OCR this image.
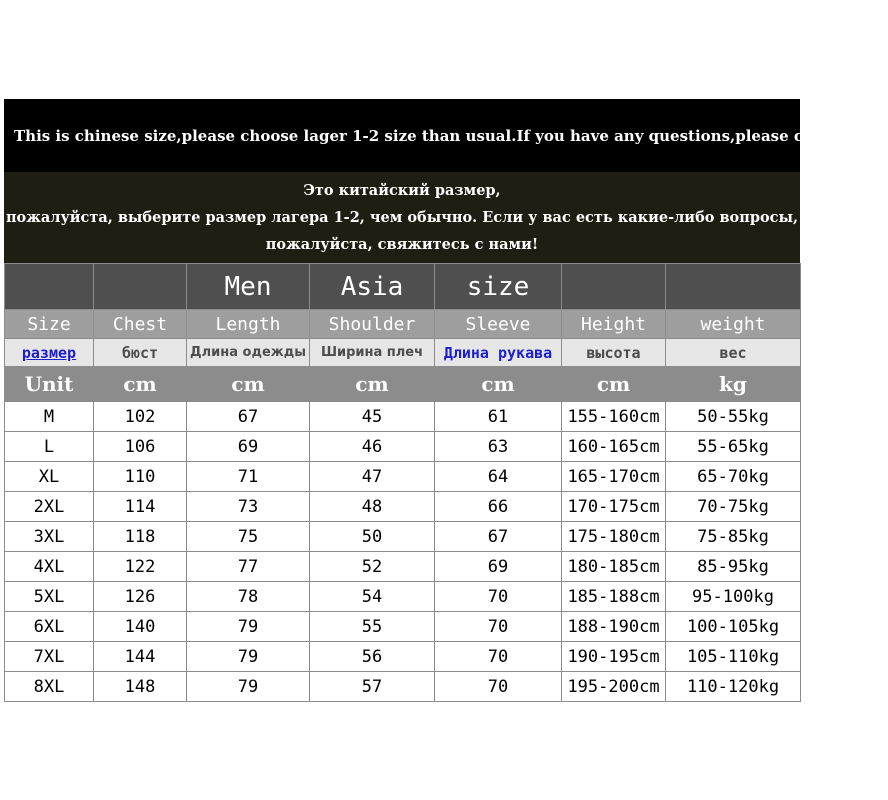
This is chinese size,please choose lager 1-2 size than usual.If you have any questions,please contact us!
Это китайский размер,
пожалуйста, выберите размер лагера 1-2, чем обычно. Если у вас есть какие-либо вопросы,
пожалуйста, свяжитесь с нами!
		Men	Asia	size		
Size	Chest	Length	Shoulder	Sleeve	Height	weight
размер	бюст	Длина одежды	Ширина плеч	Длина рукава	высота	вес
Unit	cm	cm	cm	cm	cm	kg
M	102	67	45	61	155-160cm	50-55kg
L	106	69	46	63	160-165cm	55-65kg
XL	110	71	47	64	165-170cm	65-70kg
2XL	114	73	48	66	170-175cm	70-75kg
3XL	118	75	50	67	175-180cm	75-85kg
4XL	122	77	52	69	180-185cm	85-95kg
5XL	126	78	54	70	185-188cm	95-100kg
6XL	140	79	55	70	188-190cm	100-105kg
7XL	144	79	56	70	190-195cm	105-110kg
8XL	148	79	57	70	195-200cm	110-120kg
